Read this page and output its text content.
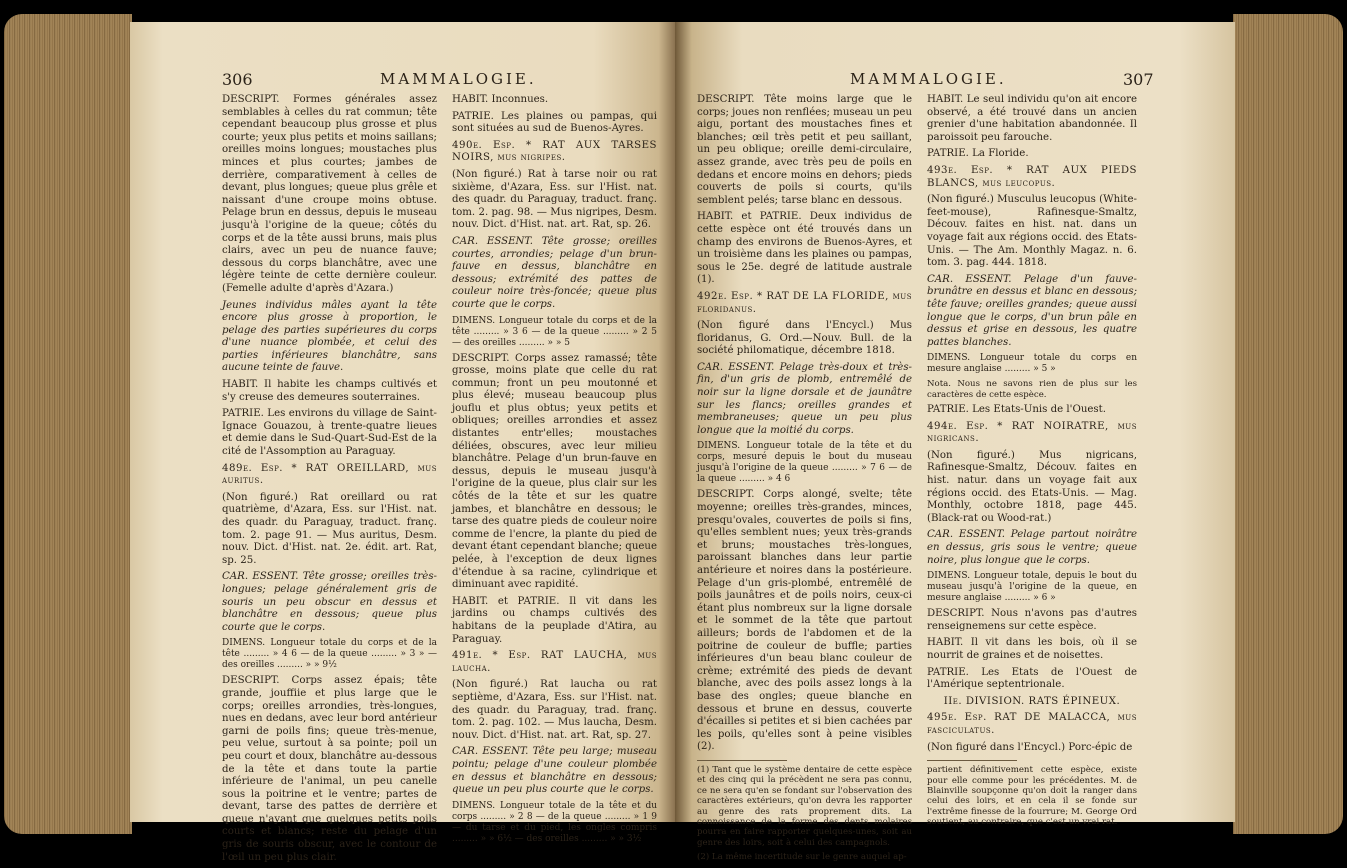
306	MAMMALOGIE.

DESCRIPT. Formes générales assez semblables à celles du rat commun; tête cependant beaucoup plus grosse et plus courte; yeux plus petits et moins saillans; oreilles moins longues; moustaches plus minces et plus courtes; jambes de derrière, comparativement à celles de devant, plus longues; queue plus grêle et naissant d'une croupe moins obtuse. Pelage brun en dessus, depuis le museau jusqu'à l'origine de la queue; côtés du corps et de la tête aussi bruns, mais plus clairs, avec un peu de nuance fauve; dessous du corps blanchâtre, avec une légère teinte de cette dernière couleur. (Femelle adulte d'après d'Azara.)

Jeunes individus mâles ayant la tête encore plus grosse à proportion, le pelage des parties supérieures du corps d'une nuance plombée, et celui des parties inférieures blanchâtre, sans aucune teinte de fauve.

HABIT. Il habite les champs cultivés et s'y creuse des demeures souterraines.

PATRIE. Les environs du village de Saint-Ignace Gouazou, à trente-quatre lieues et demie dans le Sud-Quart-Sud-Est de la cité de l'Assomption au Paraguay.

489e. Esp. * RAT OREILLARD, mus auritus.

(Non figuré.) Rat oreillard ou rat quatrième, d'Azara, Ess. sur l'Hist. nat. des quadr. du Paraguay, traduct. franç. tom. 2. page 91. — Mus auritus, Desm. nouv. Dict. d'Hist. nat. 2e. édit. art. Rat, sp. 25.

CAR. ESSENT. Tête grosse; oreilles très-longues; pelage généralement gris de souris un peu obscur en dessus et blanchâtre en dessous; queue plus courte que le corps.

DIMENS. Longueur totale du corps et de la tête ......... » 4 6 — de la queue ......... » 3 » — des oreilles ......... » » 9½

DESCRIPT. Corps assez épais; tête grande, jouffiie et plus large que le corps; oreilles arrondies, très-longues, nues en dedans, avec leur bord antérieur garni de poils fins; queue très-menue, peu velue, surtout à sa pointe; poil un peu court et doux, blanchâtre au-dessous de la tête et dans toute la partie inférieure de l'animal, un peu canelle sous la poitrine et le ventre; partes de devant, tarse des pattes de derrière et queue n'ayant que quelques petits poils courts et blancs; reste du pelage d'un gris de souris obscur, avec le contour de l'œil un peu plus clair.

HABIT. Inconnues.

PATRIE. Les plaines ou pampas, qui sont situées au sud de Buenos-Ayres.

490e. Esp. * RAT AUX TARSES NOIRS, mus nigripes.

(Non figuré.) Rat à tarse noir ou rat sixième, d'Azara, Ess. sur l'Hist. nat. des quadr. du Paraguay, traduct. franç. tom. 2. pag. 98. — Mus nigripes, Desm. nouv. Dict. d'Hist. nat. art. Rat, sp. 26.

CAR. ESSENT. Tête grosse; oreilles courtes, arrondies; pelage d'un brun-fauve en dessus, blanchâtre en dessous; extrémité des pattes de couleur noire très-foncée; queue plus courte que le corps.

DIMENS. Longueur totale du corps et de la tête ......... » 3 6 — de la queue ......... » 2 5 — des oreilles ......... » » 5

DESCRIPT. Corps assez ramassé; tête grosse, moins plate que celle du rat commun; front un peu moutonné et plus élevé; museau beaucoup plus jouflu et plus obtus; yeux petits et obliques; oreilles arrondies et assez distantes entr'elles; moustaches déliées, obscures, avec leur milieu blanchâtre. Pelage d'un brun-fauve en dessus, depuis le museau jusqu'à l'origine de la queue, plus clair sur les côtés de la tête et sur les quatre jambes, et blanchâtre en dessous; le tarse des quatre pieds de couleur noire comme de l'encre, la plante du pied de devant étant cependant blanche; queue pelée, à l'exception de deux lignes d'étendue à sa racine, cylindrique et diminuant avec rapidité.

HABIT. et PATRIE. Il vit dans les jardins ou champs cultivés des habitans de la peuplade d'Atira, au Paraguay.

491e. * Esp. RAT LAUCHA, mus laucha.

(Non figuré.) Rat laucha ou rat septième, d'Azara, Ess. sur l'Hist. nat. des quadr. du Paraguay, trad. franç. tom. 2. pag. 102. — Mus laucha, Desm. nouv. Dict. d'Hist. nat. art. Rat, sp. 27.

CAR. ESSENT. Tête peu large; museau pointu; pelage d'une couleur plombée en dessus et blanchâtre en dessous; queue un peu plus courte que le corps.

DIMENS. Longueur totale de la tête et du corps ......... » 2 8 — de la queue ......... » 1 9 — du tarse et du pied, les ongles compris ......... » » 6½ — des oreilles ......... » » 3½

MAMMALOGIE.	307

DESCRIPT. Tête moins large que le corps; joues non renflées; museau un peu aigu, portant des moustaches fines et blanches; œil très petit et peu saillant, un peu oblique; oreille demi-circulaire, assez grande, avec très peu de poils en dedans et encore moins en dehors; pieds couverts de poils si courts, qu'ils semblent pelés; tarse blanc en dessous.

HABIT. et PATRIE. Deux individus de cette espèce ont été trouvés dans un champ des environs de Buenos-Ayres, et un troisième dans les plaines ou pampas, sous le 25e. degré de latitude australe (1).

492e. Esp. * RAT DE LA FLORIDE, mus floridanus.

(Non figuré dans l'Encycl.) Mus floridanus, G. Ord.—Nouv. Bull. de la société philomatique, décembre 1818.

CAR. ESSENT. Pelage très-doux et très-fin, d'un gris de plomb, entremêlé de noir sur la ligne dorsale et de jaunâtre sur les flancs; oreilles grandes et membraneuses; queue un peu plus longue que la moitié du corps.

DIMENS. Longueur totale de la tête et du corps, mesuré depuis le bout du museau jusqu'à l'origine de la queue ......... » 7 6 — de la queue ......... » 4 6

DESCRIPT. Corps alongé, svelte; tête moyenne; oreilles très-grandes, minces, presqu'ovales, couvertes de poils si fins, qu'elles semblent nues; yeux très-grands et bruns; moustaches très-longues, paroissant blanches dans leur partie antérieure et noires dans la postérieure. Pelage d'un gris-plombé, entremêlé de poils jaunâtres et de poils noirs, ceux-ci étant plus nombreux sur la ligne dorsale et le sommet de la tête que partout ailleurs; bords de l'abdomen et de la poitrine de couleur de buffle; parties inférieures d'un beau blanc couleur de crème; extrémité des pieds de devant blanche, avec des poils assez longs à la base des ongles; queue blanche en dessous et brune en dessus, couverte d'écailles si petites et si bien cachées par les poils, qu'elles sont à peine visibles (2).

(1) Tant que le système dentaire de cette espèce et des cinq qui la précèdent ne sera pas connu, ce ne sera qu'en se fondant sur l'observation des caractères extérieurs, qu'on devra les rapporter au genre des rats proprement dits. La connoissance de la forme des dents molaires pourra en faire rapporter quelques-unes, soit au genre des loirs, soit à celui des campagnols.

(2) La même incertitude sur le genre auquel ap-

HABIT. Le seul individu qu'on ait encore observé, a été trouvé dans un ancien grenier d'une habitation abandonnée. Il paroissoit peu farouche.

PATRIE. La Floride.

493e. Esp. * RAT AUX PIEDS BLANCS, mus leucopus.

(Non figuré.) Musculus leucopus (White-feet-mouse), Rafinesque-Smaltz, Découv. faites en hist. nat. dans un voyage fait aux régions occid. des Etats-Unis. — The Am. Monthly Magaz. n. 6. tom. 3. pag. 444. 1818.

CAR. ESSENT. Pelage d'un fauve-brunâtre en dessus et blanc en dessous; tête fauve; oreilles grandes; queue aussi longue que le corps, d'un brun pâle en dessus et grise en dessous, les quatre pattes blanches.

DIMENS. Longueur totale du corps en mesure anglaise ......... » 5 »

Nota. Nous ne savons rien de plus sur les caractères de cette espèce.

PATRIE. Les Etats-Unis de l'Ouest.

494e. Esp. * RAT NOIRATRE, mus nigricans.

(Non figuré.) Mus nigricans, Rafinesque-Smaltz, Découv. faites en hist. natur. dans un voyage fait aux régions occid. des Etats-Unis. — Mag. Monthly, octobre 1818, page 445. (Black-rat ou Wood-rat.)

CAR. ESSENT. Pelage partout noirâtre en dessus, gris sous le ventre; queue noire, plus longue que le corps.

DIMENS. Longueur totale, depuis le bout du museau jusqu'à l'origine de la queue, en mesure anglaise ......... » 6 »

DESCRIPT. Nous n'avons pas d'autres renseignemens sur cette espèce.

HABIT. Il vit dans les bois, où il se nourrit de graines et de noisettes.

PATRIE. Les Etats de l'Ouest de l'Amérique septentrionale.

IIe. DIVISION. RATS ÉPINEUX.

495e. Esp. RAT DE MALACCA, mus fasciculatus.

(Non figuré dans l'Encycl.) Porc-épic de

partient définitivement cette espèce, existe pour elle comme pour les précédentes. M. de Blainville soupçonne qu'on doit la ranger dans celui des loirs, et en cela il se fonde sur l'extrême finesse de la fourrure; M. George Ord soutient, au contraire, que c'est un vrai rat.
